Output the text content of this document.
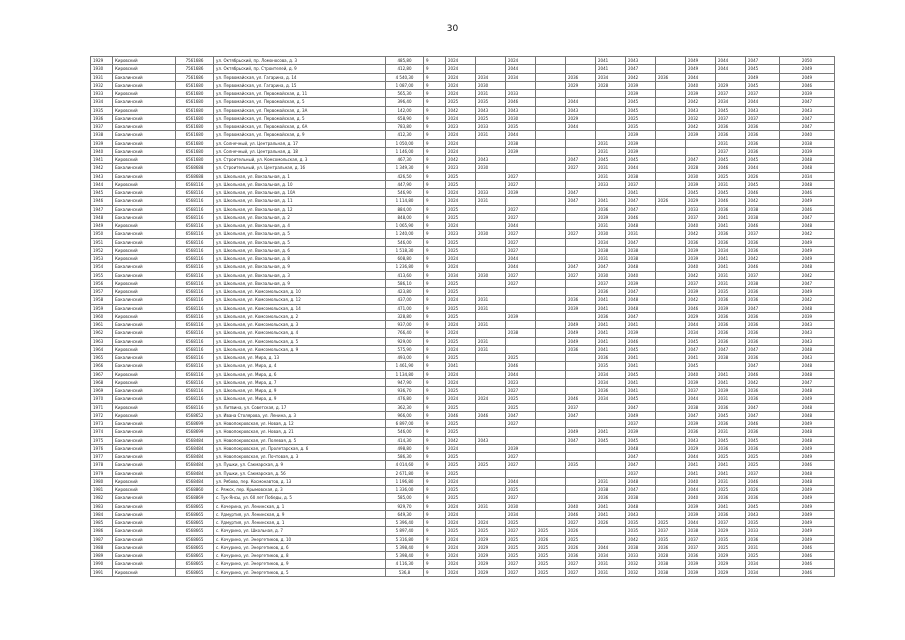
30
1929	Кировский	7561686	ул. Октябрьский, пр. Ломоносова, д. 3	485,80	9	2024		2024			2041	2043		2049	2044	2047	2050
1930	Кировский	7561686	ул. Октябрьский, пр. Строителей, д. 9	412,80	9	2024		2044			2041	2047		2049	2044	2045	2049
1931	Бакалинский	7561686	ул. Первомайская, ул. Гагарина, д. 14	4 540,30	9	2024	2034	2034		2036	2034	2042	2036	2044		2049	2049
1932	Бакалинский	6561680	ул. Первомайская, ул. Гагарина, д. 15	1 087,00	9	2024	2030			2029	2028	2039		2040	2029	2045	2046
1933	Кировский	6561680	ул. Первомайская, ул. Первомайская, д. 11	565,30	9	2024	2031	2033				2039		2039	2037	2037	2039
1934	Бакалинский	6561680	ул. Первомайская, ул. Первомайская, д. 5	396,40	9	2025	2035	2046		2044		2045		2042	2034	2044	2047
1935	Кировский	6561680	ул. Первомайская, ул. Первомайская, д. 3А	142,00	9	2042	2043	2043		2043		2045		2043	2045	2043	2043
1936	Бакалинский	6561680	ул. Первомайская, ул. Первомайская, д. 5	658,90	9	2024	2025	2030		2029		2025		2032	2037	2037	2047
1937	Бакалинский	6561680	ул. Первомайская, ул. Первомайская, д. 6А	783,80	9	2023	2033	2035		2044		2035		2042	2036	2036	2047
1938	Бакалинский	6561680	ул. Первомайская, ул. Первомайская, д. 9	412,30	9	2024	2031	2044				2039		2039	2036	2036	2040
1939	Бакалинский	6561680	ул. Солнечный, ул. Центральная, д. 17	1 050,00	9	2024		2038			2031	2039			2031	2036	2038
1940	Бакалинский	6561680	ул. Солнечный, ул. Центральная, д. 18	1 146,00	9	2024		2039			2031	2039			2037	2036	2039
1941	Кировский	6561680	ул. Строительный, ул. Комсомольская, д. 3	467,30	9	2042	2043			2047	2045	2045		2047	2045	2045	2048
1942	Бакалинский	6568688	ул. Строительный, ул. Центральная, д. 16	1 349,30	9	2023	2030			2027	2031	2044		2028	2046	2044	2048
1943	Бакалинский	6568688	ул. Школьная, ул. Вокзальная, д. 1	426,50	9	2025		2027			2031	2038		2030	2025	2026	2034
1944	Кировский	6568116	ул. Школьная, ул. Вокзальная, д. 10	447,90	9	2025		2027			2033	2037		2039	2031	2045	2048
1945	Бакалинский	6568116	ул. Школьная, ул. Вокзальная, д. 10А	546,90	9	2024	2033	2039		2047		2041		2045	2045	2046	2046
1946	Бакалинский	6568116	ул. Школьная, ул. Вокзальная, д. 11	1 114,80	9	2024	2031			2047	2041	2047	2026	2029	2046	2042	2049
1947	Бакалинский	6568116	ул. Школьная, ул. Вокзальная, д. 12	884,00	9	2025		2027			2036	2047		2033	2036	2038	2046
1948	Бакалинский	6568116	ул. Школьная, ул. Вокзальная, д. 2	848,00	9	2025		2027			2039	2046		2037	2041	2038	2047
1949	Кировский	6568116	ул. Школьная, ул. Вокзальная, д. 4	1 065,90	9	2024		2044			2031	2048		2040	2041	2046	2048
1950	Бакалинский	6568116	ул. Школьная, ул. Вокзальная, д. 5	1 240,00	9	2023	2030	2027		2027	2030	2031		2042	2036	2037	2042
1951	Бакалинский	6568116	ул. Школьная, ул. Вокзальная, д. 5	546,00	9	2025		2027			2034	2047		2036	2036	2036	2049
1952	Кировский	6568116	ул. Школьная, ул. Вокзальная, д. 6	1 518,30	9	2025		2027			2038	2038		2039	2034	2036	2049
1953	Кировский	6568116	ул. Школьная, ул. Вокзальная, д. 8	608,80	9	2024		2044			2031	2038		2039	2041	2042	2049
1954	Бакалинский	6568116	ул. Школьная, ул. Вокзальная, д. 9	1 236,80	9	2024		2044		2047	2047	2048		2040	2041	2046	2048
1955	Бакалинский	6568116	ул. Школьная, ул. Вокзальная, д. 3	413,60	9	2034	2030	2027		2027	2030	2040		2042	2031	2037	2042
1956	Кировский	6568116	ул. Школьная, ул. Вокзальная, д. 9	586,10	9	2025		2027			2037	2039		2037	2031	2038	2047
1957	Кировский	6568116	ул. Школьная, ул. Комсомольская, д. 10	423,80	9	2025					2036	2047		2039	2035	2036	2049
1958	Бакалинский	6568116	ул. Школьная, ул. Комсомольская, д. 12	437,00	9	2024	2031			2036	2041	2048		2042	2036	2036	2042
1959	Бакалинский	6568116	ул. Школьная, ул. Комсомольская, д. 14	471,00	9	2025	2031			2039	2041	2048		2046	2039	2047	2048
1960	Кировский	6568116	ул. Школьная, ул. Комсомольская, д. 2	328,80	9	2025		2039			2036	2047		2029	2036	2036	2039
1961	Бакалинский	6568116	ул. Школьная, ул. Комсомольская, д. 3	937,00	9	2024	2031			2049	2041	2041		2044	2036	2036	2043
1962	Бакалинский	6568116	ул. Школьная, ул. Комсомольская, д. 4	766,40	9	2024		2038		2049	2041	2039		2034	2036	2036	2043
1963	Бакалинский	6568116	ул. Школьная, ул. Комсомольская, д. 5	929,00	9	2025	2031			2049	2041	2046		2045	2036	2036	2043
1964	Кировский	6568116	ул. Школьная, ул. Комсомольская, д. 9	575,90	9	2024	2031			2036	2041	2045		2047	2047	2047	2048
1965	Бакалинский	6568116	ул. Школьная, ул. Мира, д. 13	493,00	9	2025		2025			2036	2041		2041	2038	2036	2043
1966	Бакалинский	6568116	ул. Школьная, ул. Мира, д. 4	1 461,90	9	2041		2046			2035	2041		2045		2047	2048
1967	Кировский	6568116	ул. Школьная, ул. Мира, д. 6	1 134,80	9	2024		2044			2034	2045		2040	2041	2046	2048
1968	Кировский	6568116	ул. Школьная, ул. Мира, д. 7	947,90	9	2024		2023			2034	2041		2039	2041	2042	2047
1969	Бакалинский	6568116	ул. Школьная, ул. Мира, д. 9	936,70	9	2025		2027			2036	2041		2037	2039	2036	2048
1970	Бакалинский	6568116	ул. Школьная, ул. Мира, д. 9	476,80	9	2024	2024	2025		2046	2034	2045		2044	2031	2036	2049
1971	Кировский	6568116	ул. Литвина, ул. Советская, д. 17	362,30	9	2025		2025		2037		2047		2038	2036	2047	2048
1972	Кировский	6568652	ул. Ивана Столярова, ул. Ленина, д. 3	966,00	9	2046	2046	2047		2047		2049		2047	2045	2047	2048
1973	Бакалинский	6568699	ул. Новопокровская, ул. Новая, д. 12	6 897,00	9	2025		2027				2037		2039	2036	2046	2049
1974	Бакалинский	6568699	ул. Новопокровская, ул. Новая, д. 21	546,00	9	2025				2049	2041	2039		2036	2031	2036	2048
1975	Бакалинский	6568484	ул. Новопокровская, ул. Полевая, д. 5	414,30	9	2042	2043			2047	2045	2045		2043	2045	2045	2048
1976	Бакалинский	6568484	ул. Новопокровская, ул. Пролетарская, д. 6	498,80	9	2024		2039				2048		2029	2036	2036	2049
1977	Бакалинский	6568484	ул. Новопокровская, ул. Почтовая, д. 3	586,30	9	2025		2027				2047		2044	2025	2025	2049
1978	Бакалинский	6568484	ул. Пушки, ул. Сакмарская, д. 9	4 014,60	9	2025	2025	2027		2035		2047		2041	2041	2025	2046
1979	Бакалинский	6568484	ул. Пушки, ул. Сакмарская, д. 56	2 671,80	9	2025						2037		2041	2041	2037	2048
1980	Кировский	6568484	ул. Рябово, пер. Космонавтов, д. 13	1 196,80	9	2024		2044			2031	2048		2040	2031	2046	2048
1981	Кировский	6568860	с. Ряжск, пер. Крымовская, д. 3	1 336,00	9	2025		2025			2038	2047		2044	2025	2026	2049
1982	Бакалинский	6568869	с. Тук-Янсы, ул. 60 лет Победы, д. 5	585,00	9	2025		2027			2036	2038		2040	2036	2036	2049
1983	Бакалинский	6568665	с. Кочерина, ул. Ленинская, д. 1	929,70	9	2024	2031	2030		2040	2041	2048		2039	2041	2045	2049
1984	Бакалинский	6568665	с. Удмуртия, ул. Ленинская, д. 9	649,30	9	2024		2034		2046	2041	2043		2039	2036	2043	2049
1985	Бакалинский	6568665	с. Удмуртия, ул. Ленинская, д. 1	5 396,40	9	2024	2024	2025		2027	2026	2035	2025	2044	2037	2035	2049
1986	Бакалинский	6568665	с. Кочурино, ул. Школьная, д. 7	5 897,40	9	2025	2025	2027	2025	2026		2035	2037	2038	2029	2033	2049
1987	Бакалинский	6568665	с. Кочурино, ул. Энергетиков, д. 10	5 316,80	9	2024	2029	2025	2026	2025		2042	2035	2037	2035	2036	2049
1988	Бакалинский	6568665	с. Кочурино, ул. Энергетиков, д. 6	5 398,40	9	2024	2029	2025	2025	2026	2044	2038	2036	2037	2025	2031	2046
1989	Бакалинский	6568665	с. Кочурино, ул. Энергетиков, д. 8	5 398,40	9	2024	2029	2025	2025	2036	2034	2033	2028	2036	2029	2025	2046
1990	Бакалинский	6568665	с. Кочурино, ул. Энергетиков, д. 9	4 116,30	9	2024	2029	2027	2025	2027	2031	2032	2038	2039	2029	2034	2046
1991	Кировский	6568665	с. Кочурино, ул. Энергетиков, д. 5	536,8	9	2024	2029	2027	2025	2027	2031	2032	2038	2039	2029	2034	2046
